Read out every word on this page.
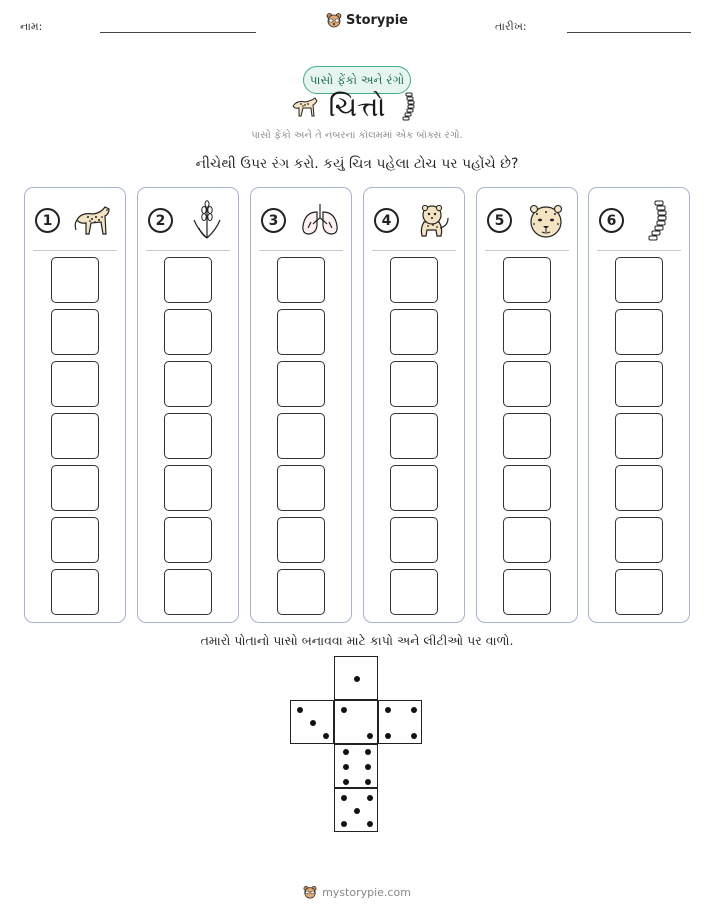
નામ:	Storypie	તારીખ:
પાસો ફેંકો અને રંગો
ચિત્તો
પાસો ફેંકો અને તે નંબરના કૉલમમાં એક બૉક્સ રંગો.
નીચેથી ઉપર રંગ કરો. કયું ચિત્ર પહેલા ટોચ પર પહોંચે છે?
1	2	3	4	5	6
તમારો પોતાનો પાસો બનાવવા માટે કાપો અને લીટીઓ પર વાળો.
mystorypie.com
